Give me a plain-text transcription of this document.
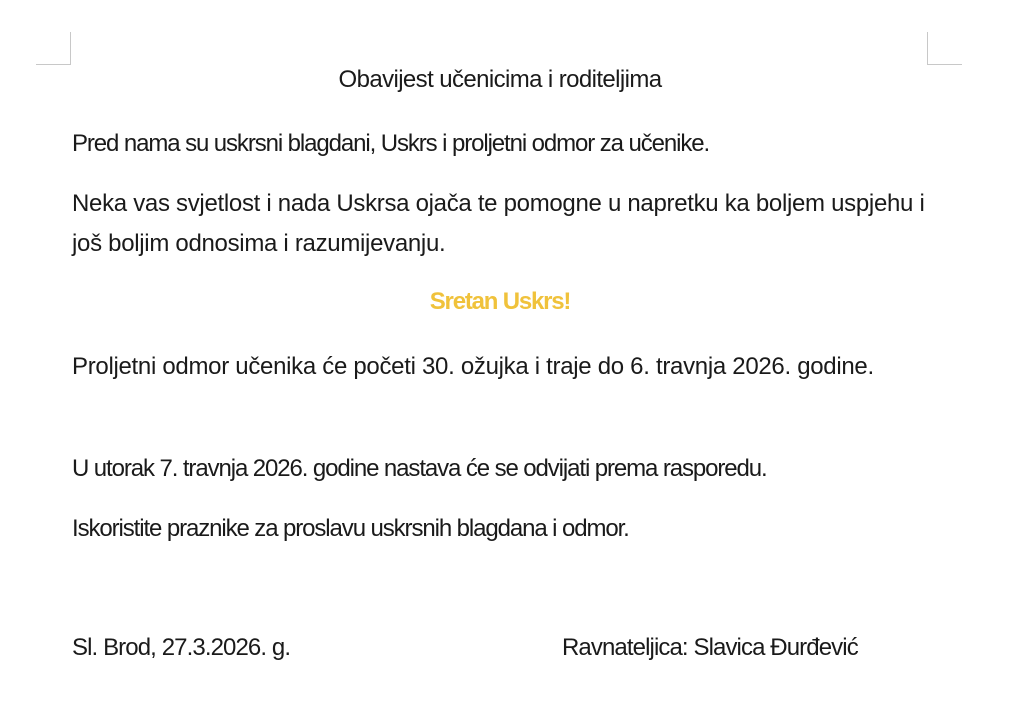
Obavijest učenicima i roditeljima
Pred nama su uskrsni blagdani, Uskrs i proljetni odmor za učenike.
Neka vas svjetlost i nada Uskrsa ojača te pomogne u napretku ka boljem uspjehu i još boljim odnosima i razumijevanju.
Sretan Uskrs!
Proljetni odmor učenika će početi 30. ožujka i traje do 6. travnja 2026. godine.
U utorak 7. travnja 2026. godine nastava će se odvijati prema rasporedu.
Iskoristite praznike za proslavu uskrsnih blagdana i odmor.
Sl. Brod, 27.3.2026. g.	Ravnateljica: Slavica Đurđević
